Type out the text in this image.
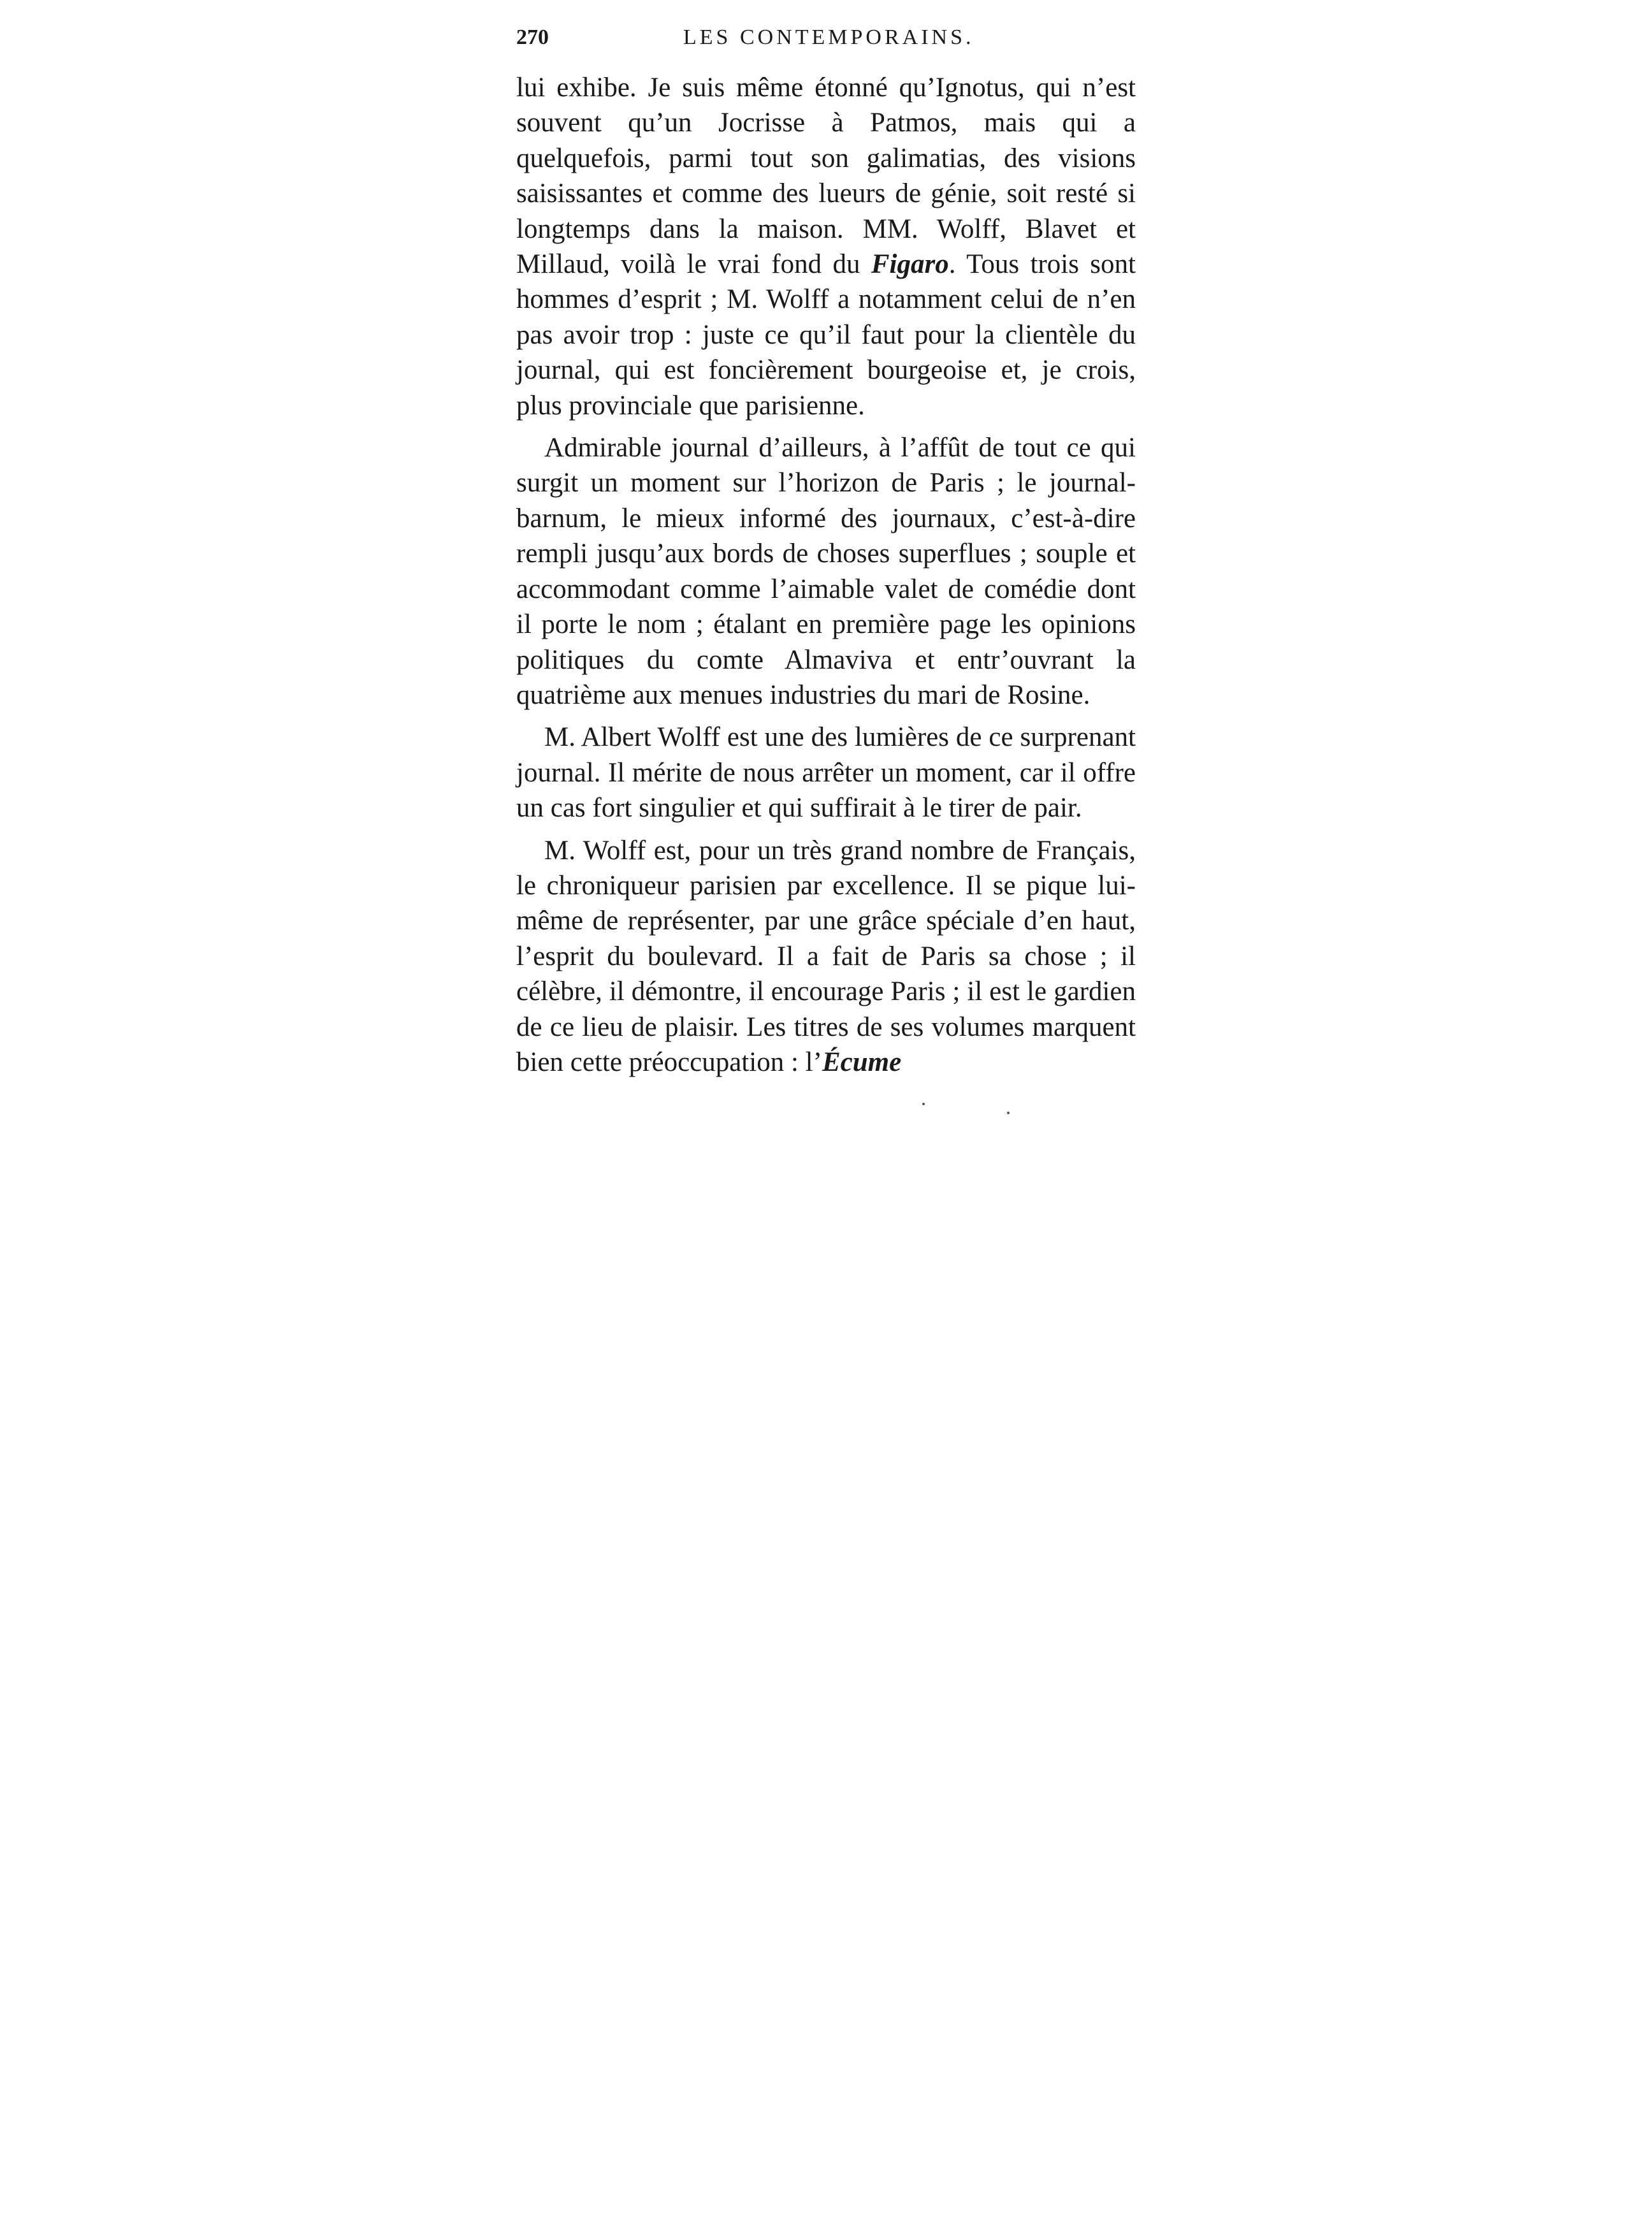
270	LES CONTEMPORAINS.

lui exhibe. Je suis même étonné qu’Ignotus, qui n’est souvent qu’un Jocrisse à Patmos, mais qui a quelquefois, parmi tout son galimatias, des visions saisissantes et comme des lueurs de génie, soit resté si longtemps dans la maison. MM. Wolff, Blavet et Millaud, voilà le vrai fond du Figaro. Tous trois sont hommes d’esprit ; M. Wolff a notamment celui de n’en pas avoir trop : juste ce qu’il faut pour la clientèle du journal, qui est foncièrement bourgeoise et, je crois, plus provinciale que parisienne.

Admirable journal d’ailleurs, à l’affût de tout ce qui surgit un moment sur l’horizon de Paris ; le journal-barnum, le mieux informé des journaux, c’est-à-dire rempli jusqu’aux bords de choses superflues ; souple et accommodant comme l’aimable valet de comédie dont il porte le nom ; étalant en première page les opinions politiques du comte Almaviva et entr’ouvrant la quatrième aux menues industries du mari de Rosine.

M. Albert Wolff est une des lumières de ce surprenant journal. Il mérite de nous arrêter un moment, car il offre un cas fort singulier et qui suffirait à le tirer de pair.

M. Wolff est, pour un très grand nombre de Français, le chroniqueur parisien par excellence. Il se pique lui-même de représenter, par une grâce spéciale d’en haut, l’esprit du boulevard. Il a fait de Paris sa chose ; il célèbre, il démontre, il encourage Paris ; il est le gardien de ce lieu de plaisir. Les titres de ses volumes marquent bien cette préoccupation : l’Écume
